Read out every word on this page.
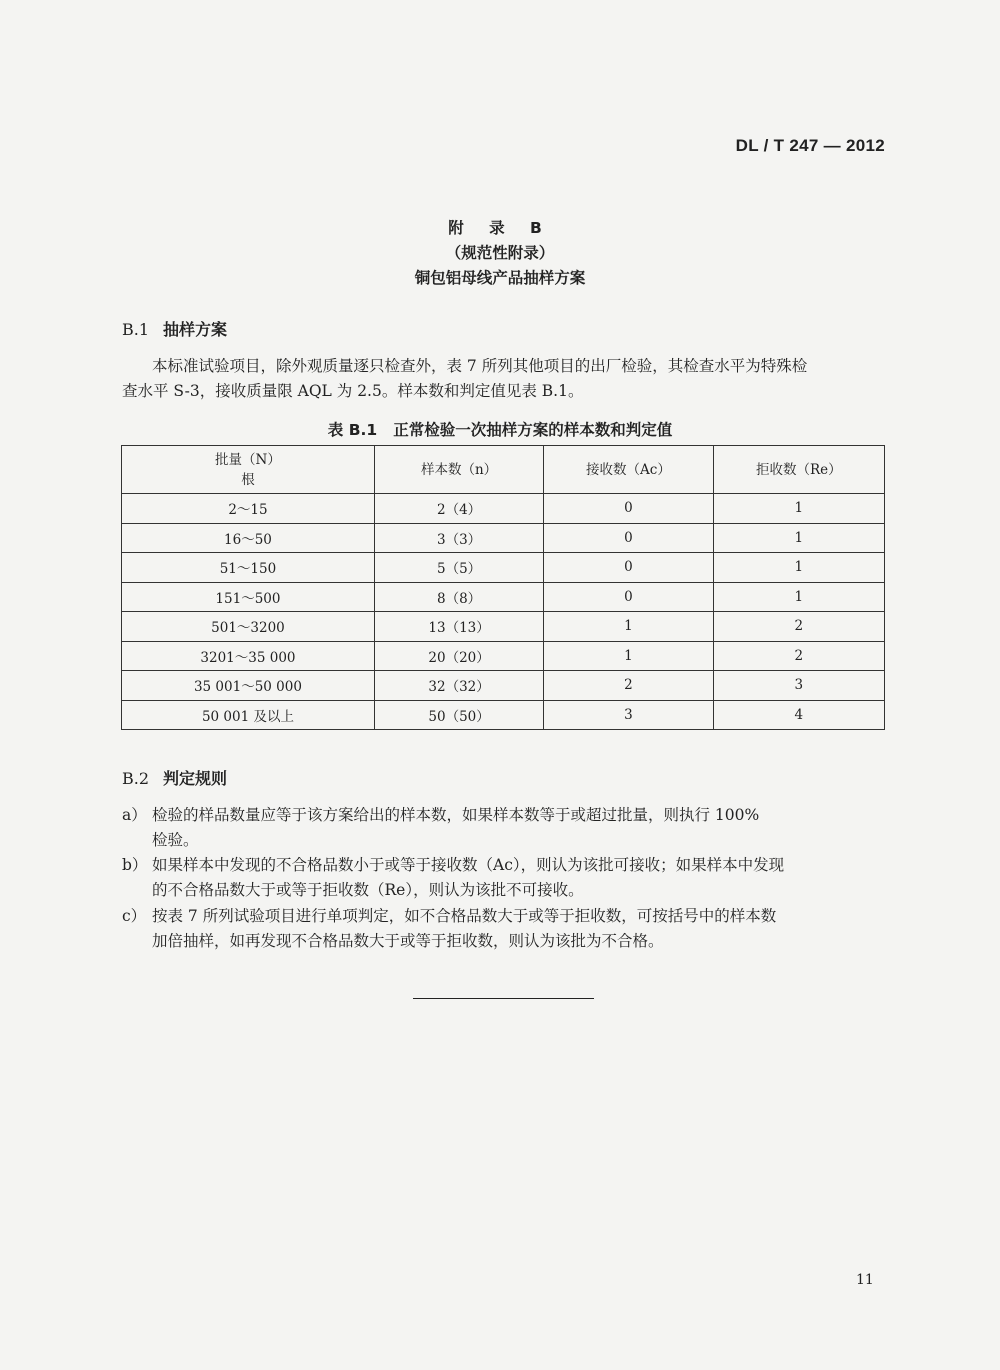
DL / T 247 — 2012
附 录 B
（规范性附录）
铜包铝母线产品抽样方案
B.1 抽样方案
本标准试验项目，除外观质量逐只检查外，表 7 所列其他项目的出厂检验，其检查水平为特殊检
查水平 S-3，接收质量限 AQL 为 2.5。样本数和判定值见表 B.1。
表 B.1 正常检验一次抽样方案的样本数和判定值
批量（N）
根	样本数（n）	接收数（Ac）	拒收数（Re）
2～15	2（4）	0	1
16～50	3（3）	0	1
51～150	5（5）	0	1
151～500	8（8）	0	1
501～3200	13（13）	1	2
3201～35 000	20（20）	1	2
35 001～50 000	32（32）	2	3
50 001 及以上	50（50）	3	4
B.2 判定规则
a） 检验的样品数量应等于该方案给出的样本数，如果样本数等于或超过批量，则执行 100%
检验。
b） 如果样本中发现的不合格品数小于或等于接收数（Ac），则认为该批可接收；如果样本中发现
的不合格品数大于或等于拒收数（Re），则认为该批不可接收。
c） 按表 7 所列试验项目进行单项判定，如不合格品数大于或等于拒收数，可按括号中的样本数
加倍抽样，如再发现不合格品数大于或等于拒收数，则认为该批为不合格。
11
